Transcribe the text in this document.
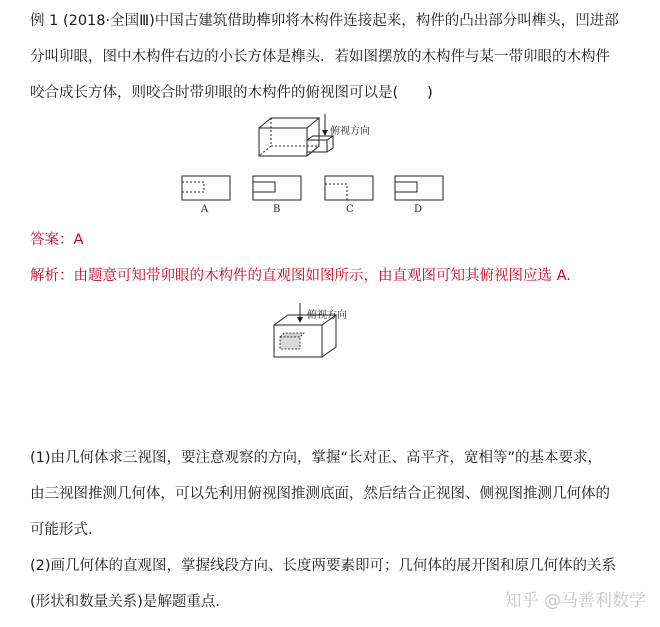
例 1 (2018·全国Ⅲ)中国古建筑借助榫卯将木构件连接起来，构件的凸出部分叫榫头，凹进部
分叫卯眼，图中木构件右边的小长方体是榫头．若如图摆放的木构件与某一带卯眼的木构件
咬合成长方体，则咬合时带卯眼的木构件的俯视图可以是(　　)
俯视方向
A	B	C	D
答案：A
解析：由题意可知带卯眼的木构件的直观图如图所示，由直观图可知其俯视图应选 A.
俯视方向
(1)由几何体求三视图，要注意观察的方向，掌握“长对正、高平齐，宽相等”的基本要求，
由三视图推测几何体，可以先利用俯视图推测底面，然后结合正视图、侧视图推测几何体的
可能形式．
(2)画几何体的直观图，掌握线段方向、长度两要素即可；几何体的展开图和原几何体的关系
(形状和数量关系)是解题重点．	知乎 @马善利数学
